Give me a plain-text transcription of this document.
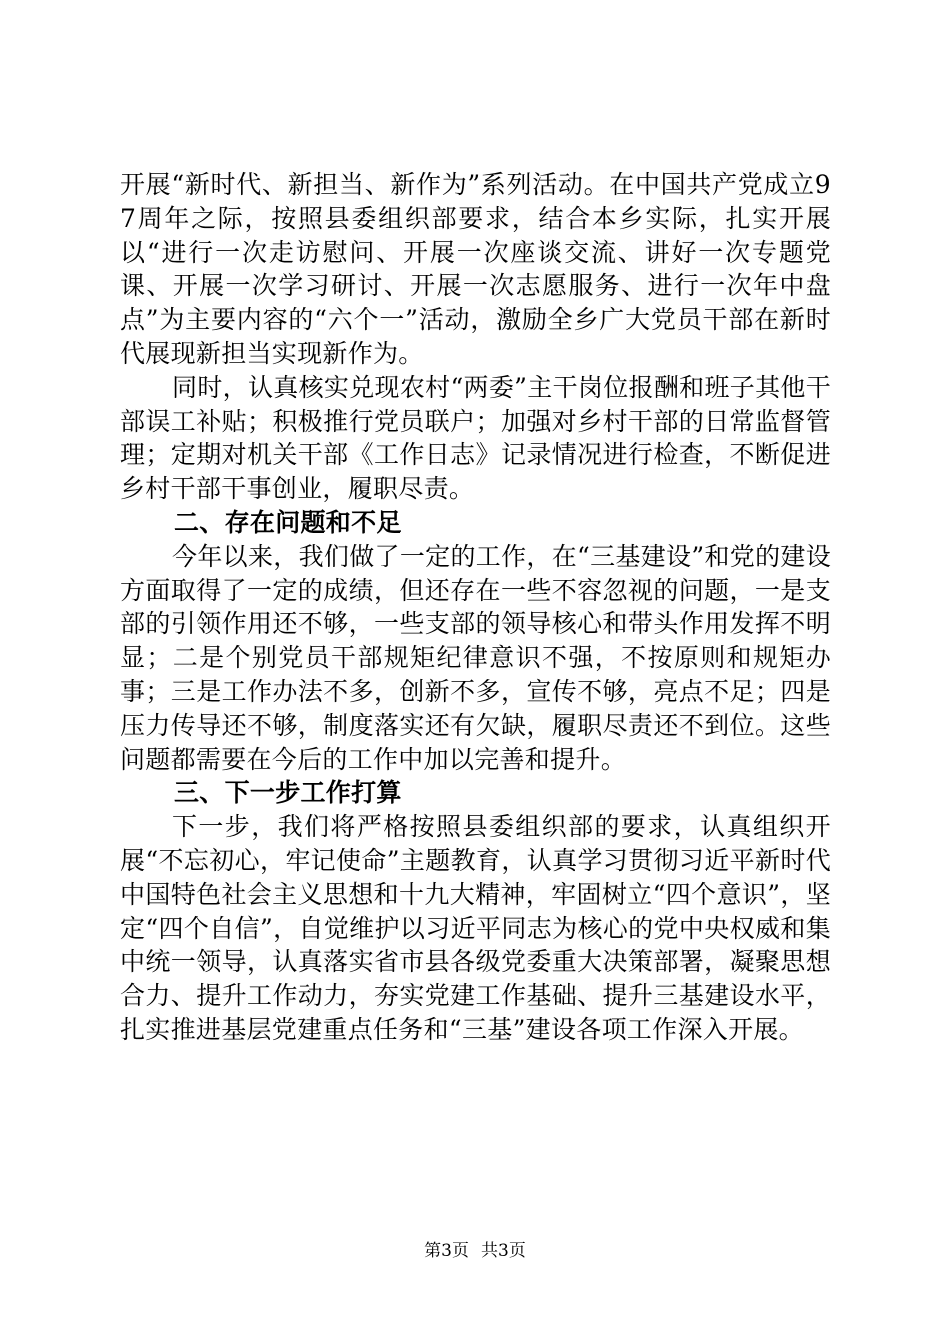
开展“新时代、新担当、新作为”系列活动。在中国共产党成立97周年之际，按照县委组织部要求，结合本乡实际，扎实开展以“进行一次走访慰问、开展一次座谈交流、讲好一次专题党课、开展一次学习研讨、开展一次志愿服务、进行一次年中盘点”为主要内容的“六个一”活动，激励全乡广大党员干部在新时代展现新担当实现新作为。

同时，认真核实兑现农村“两委”主干岗位报酬和班子其他干部误工补贴；积极推行党员联户；加强对乡村干部的日常监督管理；定期对机关干部《工作日志》记录情况进行检查，不断促进乡村干部干事创业，履职尽责。

二、存在问题和不足

今年以来，我们做了一定的工作，在“三基建设”和党的建设方面取得了一定的成绩，但还存在一些不容忽视的问题，一是支部的引领作用还不够，一些支部的领导核心和带头作用发挥不明显；二是个别党员干部规矩纪律意识不强，不按原则和规矩办事；三是工作办法不多，创新不多，宣传不够，亮点不足；四是压力传导还不够，制度落实还有欠缺，履职尽责还不到位。这些问题都需要在今后的工作中加以完善和提升。

三、下一步工作打算

下一步，我们将严格按照县委组织部的要求，认真组织开展“不忘初心，牢记使命”主题教育，认真学习贯彻习近平新时代中国特色社会主义思想和十九大精神，牢固树立“四个意识”，坚定“四个自信”，自觉维护以习近平同志为核心的党中央权威和集中统一领导，认真落实省市县各级党委重大决策部署，凝聚思想合力、提升工作动力，夯实党建工作基础、提升三基建设水平，扎实推进基层党建重点任务和“三基”建设各项工作深入开展。

第3页 共3页
